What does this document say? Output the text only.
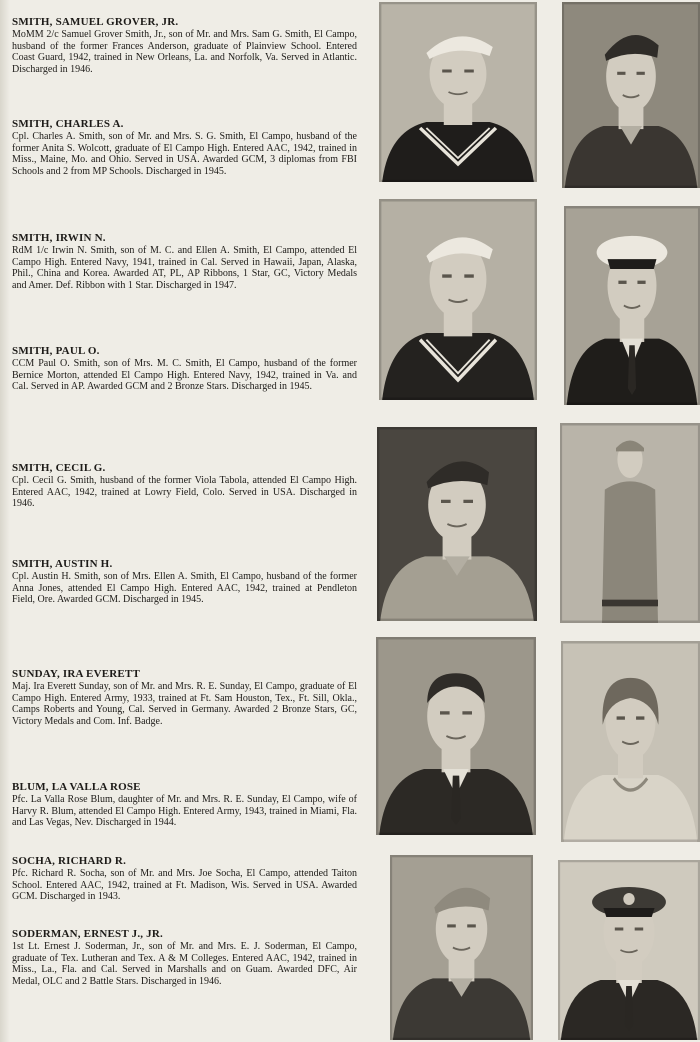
SMITH, SAMUEL GROVER, JR.

MoMM 2/c Samuel Grover Smith, Jr., son of Mr. and Mrs. Sam G. Smith, El Campo, husband of the former Frances Anderson, graduate of Plainview School. Entered Coast Guard, 1942, trained in New Orleans, La. and Norfolk, Va. Served in Atlantic. Discharged in 1946.

SMITH, CHARLES A.

Cpl. Charles A. Smith, son of Mr. and Mrs. S. G. Smith, El Campo, husband of the former Anita S. Wolcott, graduate of El Campo High. Entered AAC, 1942, trained in Miss., Maine, Mo. and Ohio. Served in USA. Awarded GCM, 3 diplomas from FBI Schools and 2 from MP Schools. Discharged in 1945.

SMITH, IRWIN N.

RdM 1/c Irwin N. Smith, son of M. C. and Ellen A. Smith, El Campo, attended El Campo High. Entered Navy, 1941, trained in Cal. Served in Hawaii, Japan, Alaska, Phil., China and Korea. Awarded AT, PL, AP Ribbons, 1 Star, GC, Victory Medals and Amer. Def. Ribbon with 1 Star. Discharged in 1947.

SMITH, PAUL O.

CCM Paul O. Smith, son of Mrs. M. C. Smith, El Campo, husband of the former Bernice Morton, attended El Campo High. Entered Navy, 1942, trained in Va. and Cal. Served in AP. Awarded GCM and 2 Bronze Stars. Discharged in 1945.

SMITH, CECIL G.

Cpl. Cecil G. Smith, husband of the former Viola Tabola, attended El Campo High. Entered AAC, 1942, trained at Lowry Field, Colo. Served in USA. Discharged in 1946.

SMITH, AUSTIN H.

Cpl. Austin H. Smith, son of Mrs. Ellen A. Smith, El Campo, husband of the former Anna Jones, attended El Campo High. Entered AAC, 1942, trained at Pendleton Field, Ore. Awarded GCM. Discharged in 1945.

SUNDAY, IRA EVERETT

Maj. Ira Everett Sunday, son of Mr. and Mrs. R. E. Sunday, El Campo, graduate of El Campo High. Entered Army, 1933, trained at Ft. Sam Houston, Tex., Ft. Sill, Okla., Camps Roberts and Young, Cal. Served in Germany. Awarded 2 Bronze Stars, GC, Victory Medals and Com. Inf. Badge.

BLUM, LA VALLA ROSE

Pfc. La Valla Rose Blum, daughter of Mr. and Mrs. R. E. Sunday, El Campo, wife of Harvy R. Blum, attended El Campo High. Entered Army, 1943, trained in Miami, Fla. and Las Vegas, Nev. Discharged in 1944.

SOCHA, RICHARD R.

Pfc. Richard R. Socha, son of Mr. and Mrs. Joe Socha, El Campo, attended Taiton School. Entered AAC, 1942, trained at Ft. Madison, Wis. Served in USA. Awarded GCM. Discharged in 1943.

SODERMAN, ERNEST J., JR.

1st Lt. Ernest J. Soderman, Jr., son of Mr. and Mrs. E. J. Soderman, El Campo, graduate of Tex. Lutheran and Tex. A & M Colleges. Entered AAC, 1942, trained in Miss., La., Fla. and Cal. Served in Marshalls and on Guam. Awarded DFC, Air Medal, OLC and 2 Battle Stars. Discharged in 1946.
